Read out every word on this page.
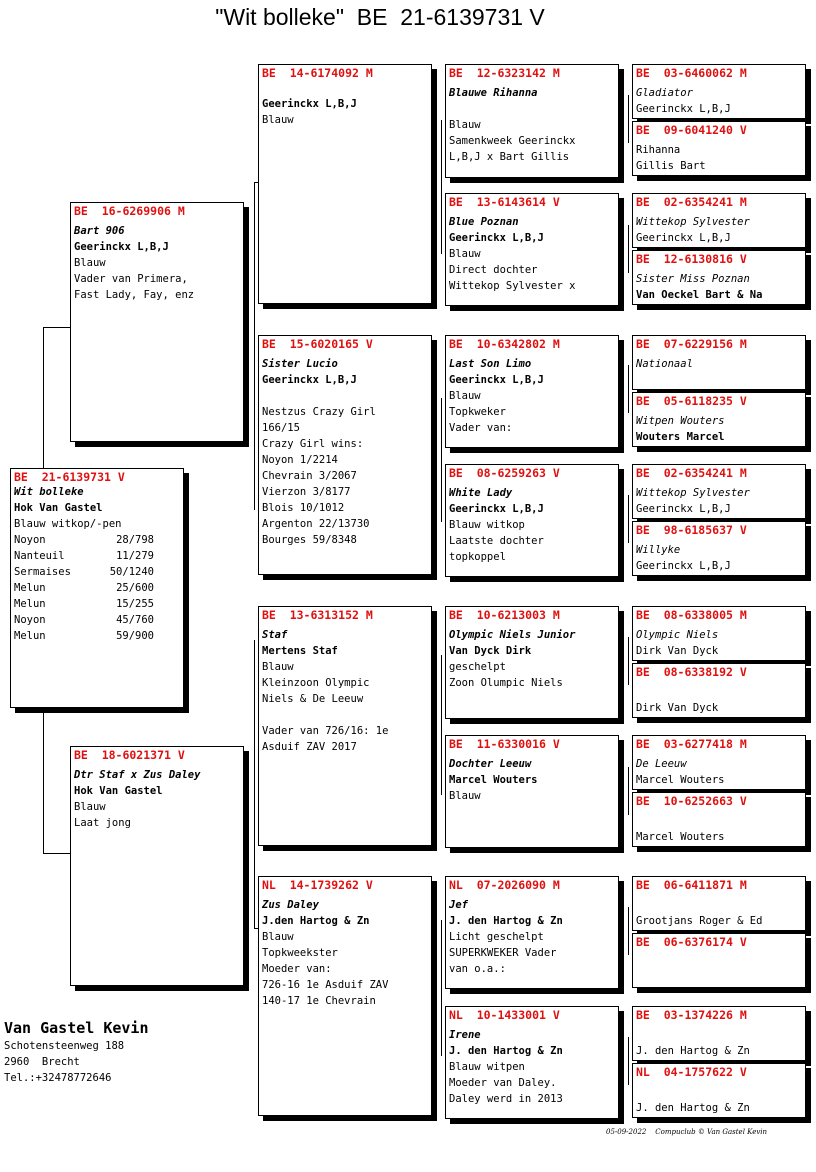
"Wit bolleke"  BE  21-6139731 V
BE  21-6139731 V
Wit bolleke
Hok Van Gastel
Blauw witkop/-pen
Noyon	28/798
Nanteuil	11/279
Sermaises	50/1240
Melun	25/600
Melun	15/255
Noyon	45/760
Melun	59/900
BE  16-6269906 M
Bart 906
Geerinckx L,B,J
Blauw
Vader van Primera,
Fast Lady, Fay, enz
BE  18-6021371 V
Dtr Staf x Zus Daley
Hok Van Gastel
Blauw
Laat jong
BE  14-6174092 M
Geerinckx L,B,J
Blauw
BE  15-6020165 V
Sister Lucio
Geerinckx L,B,J
Nestzus Crazy Girl
166/15
Crazy Girl wins:
Noyon 1/2214
Chevrain 3/2067
Vierzon 3/8177
Blois 10/1012
Argenton 22/13730
Bourges 59/8348
BE  13-6313152 M
Staf
Mertens Staf
Blauw
Kleinzoon Olympic
Niels & De Leeuw
Vader van 726/16: 1e
Asduif ZAV 2017
NL  14-1739262 V
Zus Daley
J.den Hartog & Zn
Blauw
Topkweekster
Moeder van:
726-16 1e Asduif ZAV
140-17 1e Chevrain
BE  12-6323142 M
Blauwe Rihanna
Blauw
Samenkweek Geerinckx
L,B,J x Bart Gillis
BE  13-6143614 V
Blue Poznan
Geerinckx L,B,J
Blauw
Direct dochter
Wittekop Sylvester x
BE  10-6342802 M
Last Son Limo
Geerinckx L,B,J
Blauw
Topkweker
Vader van:
BE  08-6259263 V
White Lady
Geerinckx L,B,J
Blauw witkop
Laatste dochter
topkoppel
BE  10-6213003 M
Olympic Niels Junior
Van Dyck Dirk
geschelpt
Zoon Olumpic Niels
BE  11-6330016 V
Dochter Leeuw
Marcel Wouters
Blauw
NL  07-2026090 M
Jef
J. den Hartog & Zn
Licht geschelpt
SUPERKWEKER Vader
van o.a.:
NL  10-1433001 V
Irene
J. den Hartog & Zn
Blauw witpen
Moeder van Daley.
Daley werd in 2013
BE  03-6460062 M
Gladiator
Geerinckx L,B,J
BE  09-6041240 V
Rihanna
Gillis Bart
BE  02-6354241 M
Wittekop Sylvester
Geerinckx L,B,J
BE  12-6130816 V
Sister Miss Poznan
Van Oeckel Bart & Na
BE  07-6229156 M
Nationaal
BE  05-6118235 V
Witpen Wouters
Wouters Marcel
BE  02-6354241 M
Wittekop Sylvester
Geerinckx L,B,J
BE  98-6185637 V
Willyke
Geerinckx L,B,J
BE  08-6338005 M
Olympic Niels
Dirk Van Dyck
BE  08-6338192 V

Dirk Van Dyck
BE  03-6277418 M
De Leeuw
Marcel Wouters
BE  10-6252663 V

Marcel Wouters
BE  06-6411871 M

Grootjans Roger & Ed
BE  06-6376174 V

BE  03-1374226 M

J. den Hartog & Zn
NL  04-1757622 V

J. den Hartog & Zn
Van Gastel Kevin
Schotensteenweg 188
2960  Brecht
Tel.:+32478772646
05-09-2022    Compuclub © Van Gastel Kevin
